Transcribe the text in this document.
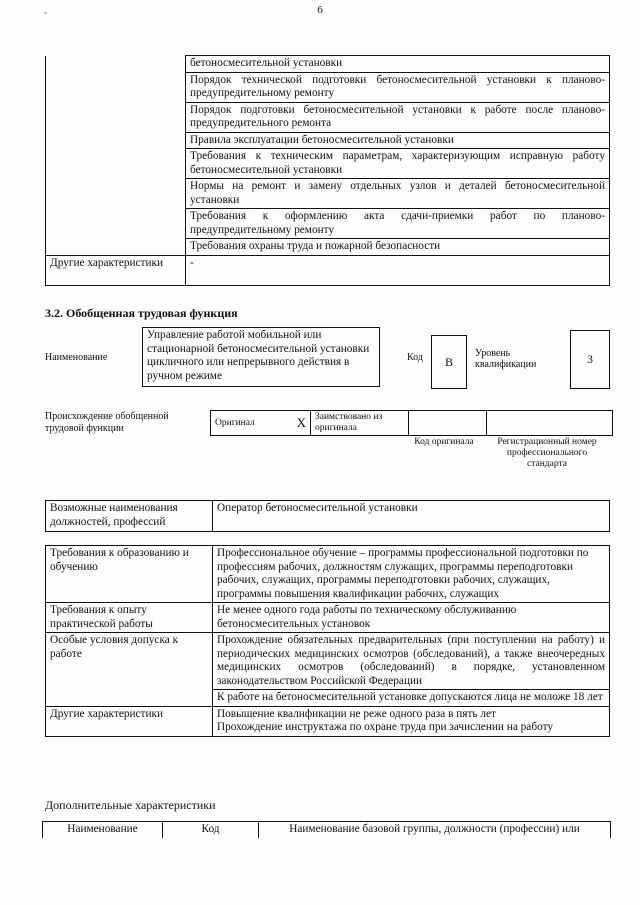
`
6
	бетоносмесительной установки
	Порядок технической подготовки бетоносмесительной установки к планово-предупредительному ремонту
	Порядок подготовки бетоносмесительной установки к работе после планово-предупредительного ремонта
	Правила эксплуатации бетоносмесительной установки
	Требования к техническим параметрам, характеризующим исправную работу бетоносмесительной установки
	Нормы на ремонт и замену отдельных узлов и деталей бетоносмесительной установки
	Требования к оформлению акта сдачи-приемки работ по планово-предупредительному ремонту
	Требования охраны труда и пожарной безопасности
Другие характеристики	-
3.2. Обобщенная трудовая функция
Наименование
Управление работой мобильной или стационарной бетоносмесительной установки цикличного или непрерывного действия в ручном режиме
Код	B
Уровень квалификации	3
Происхождение обобщенной трудовой функции	Оригинал	X	Заимствовано из оригинала		
Код оригинала	Регистрационный номер профессионального стандарта
Возможные наименования должностей, профессий	Оператор бетоносмесительной установки
Требования к образованию и обучению	Профессиональное обучение – программы профессиональной подготовки по профессиям рабочих, должностям служащих, программы переподготовки рабочих, служащих, программы переподготовки рабочих, служащих, программы повышения квалификации рабочих, служащих
Требования к опыту практической работы	Не менее одного года работы по техническому обслуживанию бетоносмесительных установок
Особые условия допуска к работе	Прохождение обязательных предварительных (при поступлении на работу) и периодических медицинских осмотров (обследований), а также внеочередных медицинских осмотров (обследований) в порядке, установленном законодательством Российской Федерации
	К работе на бетоносмесительной установке допускаются лица не моложе 18 лет
Другие характеристики	Повышение квалификации не реже одного раза в пять лет
Прохождение инструктажа по охране труда при зачислении на работу
Дополнительные характеристики
Наименование	Код	Наименование базовой группы, должности (профессии) или
